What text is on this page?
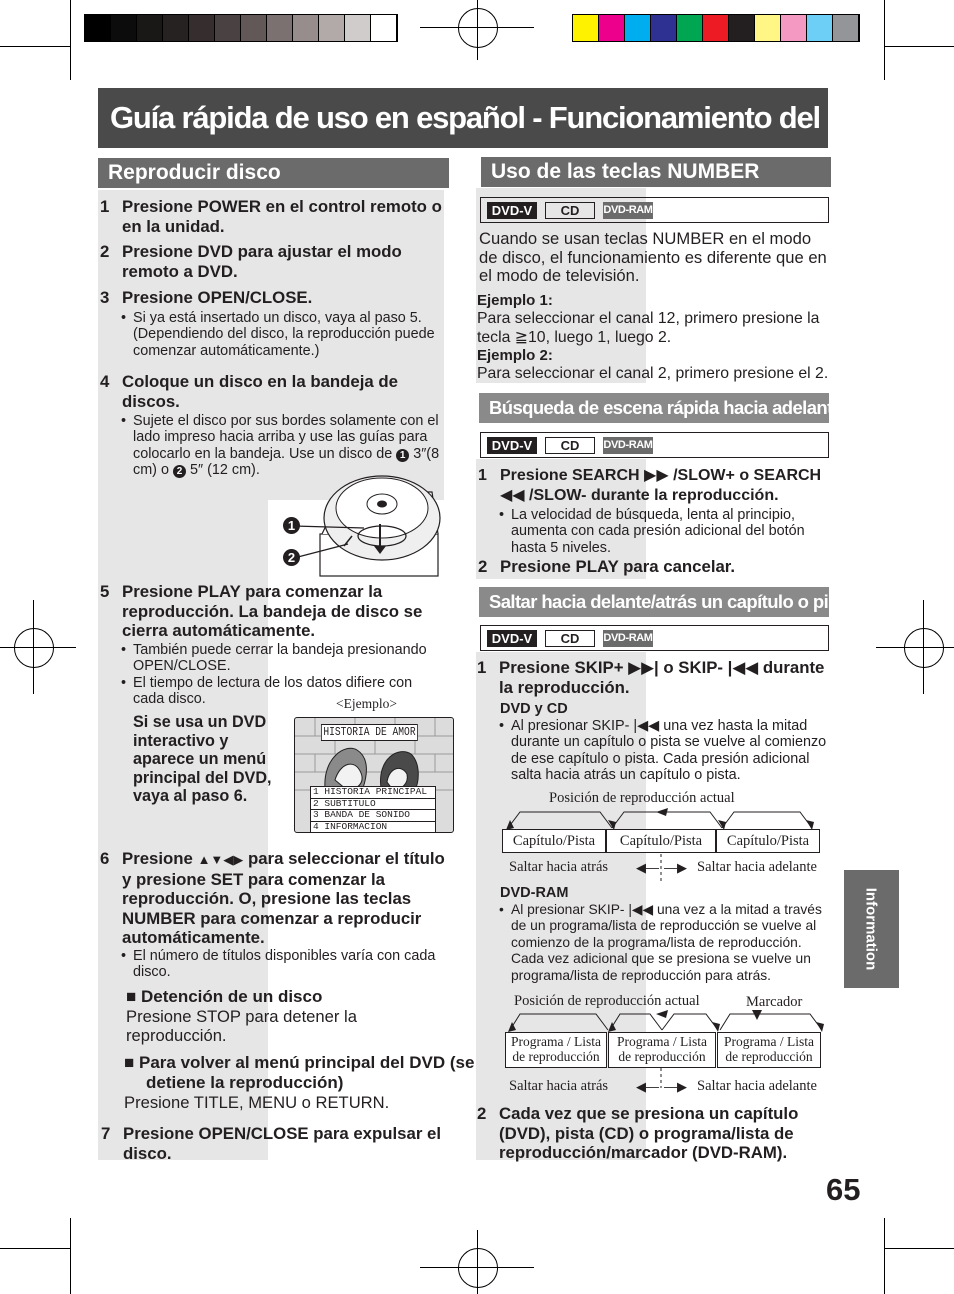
Guía rápida de uso en español - Funcionamiento del disco-
Reproducir disco
1 Presione POWER en el control remoto o en la unidad.
2 Presione DVD para ajustar el modo remoto a DVD.
3 Presione OPEN/CLOSE.
• Si ya está insertado un disco, vaya al paso 5. (Dependiendo del disco, la reproducción puede comenzar automáticamente.)
4 Coloque un disco en la bandeja de discos.
• Sujete el disco por sus bordes solamente con el lado impreso hacia arriba y use las guías para colocarlo en la bandeja. Use un disco de 1 3″(8 cm) o 2 5″ (12 cm).
1
2
5 Presione PLAY para comenzar la reproducción. La bandeja de disco se cierra automáticamente.
• También puede cerrar la bandeja presionando OPEN/CLOSE.
• El tiempo de lectura de los datos difiere con cada disco.	<Ejemplo>
Si se usa un DVD interactivo y aparece un menú principal del DVD, vaya al paso 6.
HISTORIA DE AMOR
1 HISTORIA PRINCIPAL
2 SUBTITULO
3 BANDA DE SONIDO
4 INFORMACION
6 Presione ▲▼◀▶ para seleccionar el título y presione SET para comenzar la reproducción. O, presione las teclas NUMBER para comenzar a reproducir automáticamente.
• El número de títulos disponibles varía con cada disco.
■ Detención de un disco
Presione STOP para detener la reproducción.
■ Para volver al menú principal del DVD (se detiene la reproducción)
Presione TITLE, MENU o RETURN.
7 Presione OPEN/CLOSE para expulsar el disco.
Uso de las teclas NUMBER
DVD-V	CD	DVD-RAM
Cuando se usan teclas NUMBER en el modo de disco, el funcionamiento es diferente que en el modo de televisión.
Ejemplo 1:
Para seleccionar el canal 12, primero presione la tecla ≧10, luego 1, luego 2.
Ejemplo 2:
Para seleccionar el canal 2, primero presione el 2.
Búsqueda de escena rápida hacia adelante/atrás
DVD-V	CD	DVD-RAM
1 Presione SEARCH ▶▶ /SLOW+ o SEARCH ◀◀ /SLOW- durante la reproducción.
• La velocidad de búsqueda, lenta al principio, aumenta con cada presión adicional del botón hasta 5 niveles.
2 Presione PLAY para cancelar.
Saltar hacia delante/atrás un capítulo o pista
DVD-V	CD	DVD-RAM
1 Presione SKIP+ ▶▶| o SKIP- |◀◀ durante la reproducción.
DVD y CD
• Al presionar SKIP- |◀◀ una vez hasta la mitad durante un capítulo o pista se vuelve al comienzo de ese capítulo o pista. Cada presión adicional salta hacia atrás un capítulo o pista.
Posición de reproducción actual
Capítulo/Pista	Capítulo/Pista	Capítulo/Pista
Saltar hacia atrás ◀— —▶ Saltar hacia adelante
DVD-RAM
• Al presionar SKIP- |◀◀ una vez a la mitad a través de un programa/lista de reproducción se vuelve al comienzo de la programa/lista de reproducción. Cada vez adicional que se presiona se vuelve un programa/lista de reproducción para atrás.
Posición de reproducción actual	Marcador
Programa / Lista
de reproducción
Programa / Lista
de reproducción
Programa / Lista
de reproducción
Saltar hacia atrás ◀— —▶ Saltar hacia adelante
2 Cada vez que se presiona un capítulo (DVD), pista (CD) o programa/lista de reproducción/marcador (DVD-RAM).
Information
65
